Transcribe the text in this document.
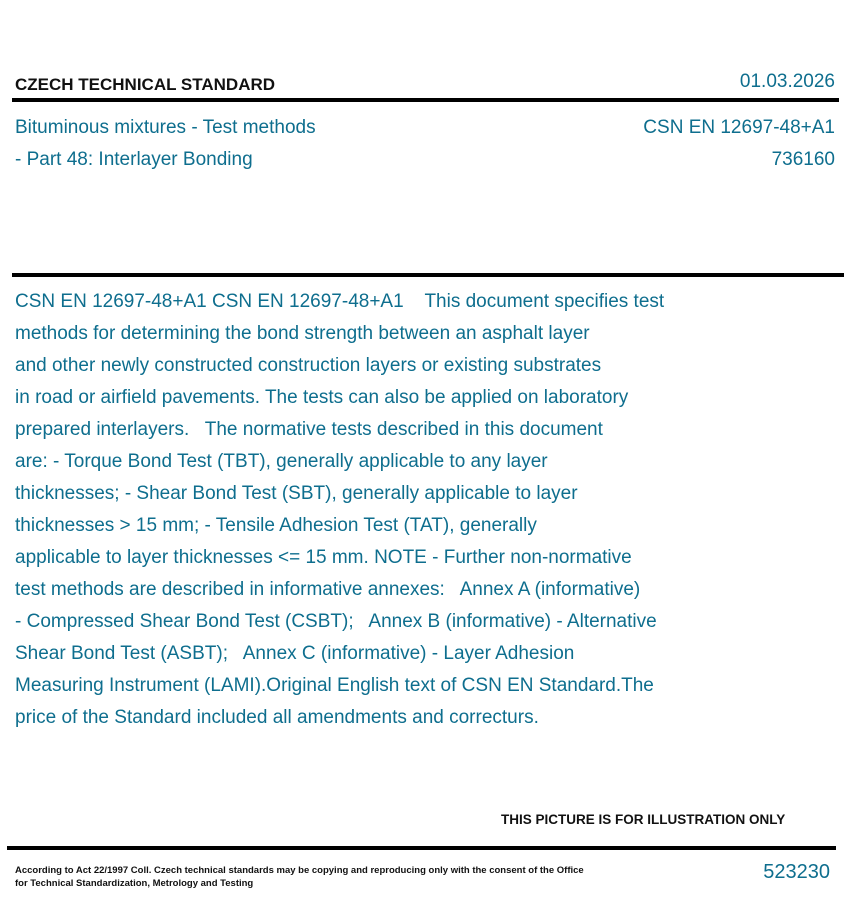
CZECH TECHNICAL STANDARD	01.03.2026
Bituminous mixtures - Test methods
- Part 48: Interlayer Bonding
CSN EN 12697-48+A1
736160
CSN EN 12697-48+A1 CSN EN 12697-48+A1    This document specifies test
methods for determining the bond strength between an asphalt layer
and other newly constructed construction layers or existing substrates
in road or airfield pavements. The tests can also be applied on laboratory
prepared interlayers.   The normative tests described in this document
are: - Torque Bond Test (TBT), generally applicable to any layer
thicknesses; - Shear Bond Test (SBT), generally applicable to layer
thicknesses > 15 mm; - Tensile Adhesion Test (TAT), generally
applicable to layer thicknesses <= 15 mm. NOTE - Further non-normative
test methods are described in informative annexes:   Annex A (informative)
- Compressed Shear Bond Test (CSBT);   Annex B (informative) - Alternative
Shear Bond Test (ASBT);   Annex C (informative) - Layer Adhesion
Measuring Instrument (LAMI).Original English text of CSN EN Standard.The
price of the Standard included all amendments and correcturs.
THIS PICTURE IS FOR ILLUSTRATION ONLY
According to Act 22/1997 Coll. Czech technical standards may be copying and reproducing only with the consent of the Office
for Technical Standardization, Metrology and Testing
523230
